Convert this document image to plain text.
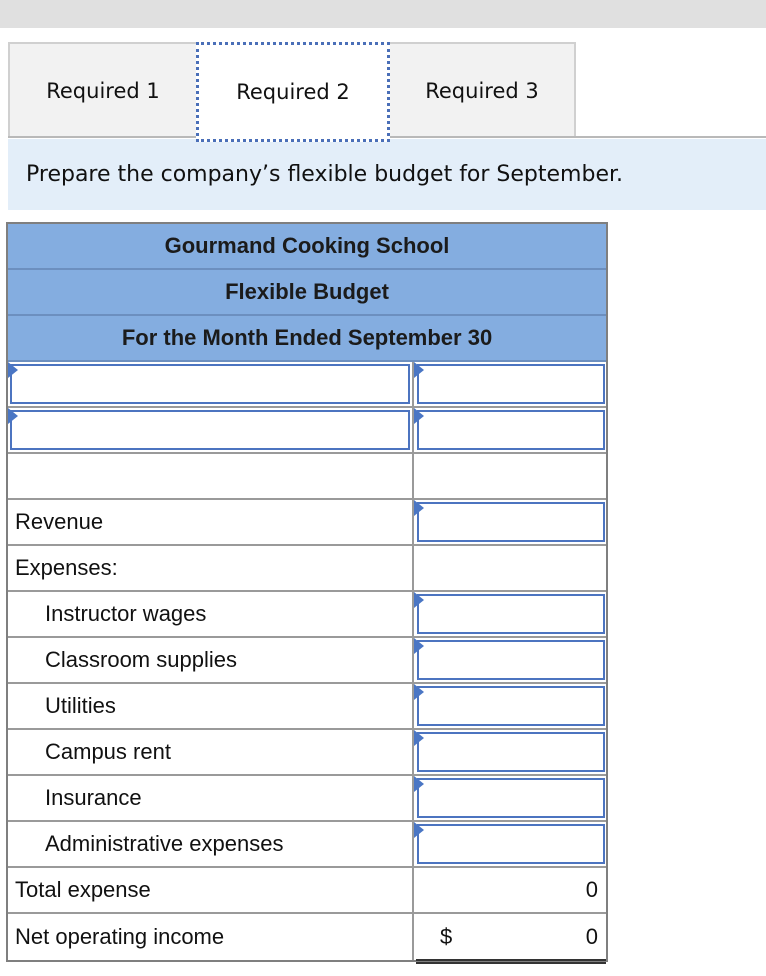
Required 1	Required 2	Required 3
Prepare the company’s flexible budget for September.
Gourmand Cooking School
Flexible Budget
For the Month Ended September 30
Revenue
Expenses:
Instructor wages
Classroom supplies
Utilities
Campus rent
Insurance
Administrative expenses
Total expense	0
Net operating income	$	0
